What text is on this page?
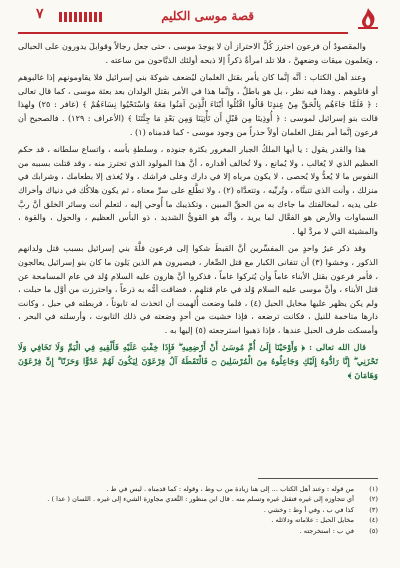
قصة موسى الكليم
٧

والمقصودُ أن فرعون احترز كُلَّ الاحتراز أن لا يوجدَ موسى ، حتى جعل رجالاً وقوابلَ يدورون على الحبالى ، ويَعلمون ميقات وضعهنَّ ، فلا تلد امرأةٌ ذكراً إلا ذبحه أولئك الذبَّاحون من ساعته .

وعند أهل الكتاب : أنَّه إنَّما كان يأمر بقتل الغلمان ليُضعف شوكةَ بني إسرائيل فلا يقاومونهم إذا غالبوهم أو قاتلوهم . وهذا فيه نظر ، بل هو باطلٌ ، وإنَّما هذا في الأمر بقتل الولدان بعد بعثة موسى ، كما قال تعالى : ﴿ فَلَمَّا جَاءَهُم بِالْحَقِّ مِنْ عِندِنَا قَالُوا اقْتُلُوا أَبْنَاءَ الَّذِينَ آمَنُوا مَعَهُ وَاسْتَحْيُوا نِسَاءَهُمْ ﴾ (غافر : ٢٥) ولهذا قالت بنو إسرائيل لموسى : ﴿ أُوذِينَا مِن قَبْلِ أَن تَأْتِيَنَا وَمِن بَعْدِ مَا جِئْتَنَا ﴾ (الأعراف : ١٢٩) . فالصحيح أن فرعون إنَّما أمر بقتل الغلمان أولاً حذراً من وجود موسى - كما قدمناه (١) .

هذا والقدر يقول : يا أيها الملكُ الجبار المغرور بكثرة جنوده ، وسلطةِ بأسه ، واتساع سلطانه ، قد حكم العظيم الذي لا يُغالب ، ولا يُمانع ، ولا تُخالف أقداره ، أنَّ هذا المولود الذي تحترز منه ، وقد قتلت بسببه من النفوس ما لا يُعدُّ ولا يُحصى ، لا يكون مرباه إلا في دارك وعلى فراشك ، ولا يُغذى إلا بطعامك ، وشرابك في منزلك ، وأنت الذي تتبنَّاه ، وتُربِّيه ، وتتعدَّاه (٢) ، ولا تطَّلع على سرِّ معناه ، ثم يكون هلاكُك في دنياك وأخراك على يديه ، لمخالفتك ما جاءك به من الحقِّ المبين ، وتكذيبك ما أُوحي إليه ، لتعلم أنت وسائر الخلق أنَّ ربَّ السماوات والأرض هو الفعَّال لما يريد ، وأنَّه هو القويُّ الشديد ، ذو البأس العظيم ، والحول ، والقوة ، والمشيئة التي لا مردَّ لها .

وقد ذكر غيرُ واحدٍ من المفسِّرين أنَّ القبطَ شكوا إلى فرعون قلَّةَ بني إسرائيل بسبب قتل ولدانهم الذكور ، وخشوا (٣) أن تتفانى الكبار مع قتل الصِّغار ، فيصيرون هم الذين يَلون ما كان بنو إسرائيل يعالجون ، فأمر فرعون بقتل الأبناء عاماً وأن يُتركوا عاماً ، فذكروا أنَّ هارون عليه السلام وُلد في عام المسامحة عن قتل الأبناء ، وأنَّ موسى عليه السلام وُلد في عام قتلهم ، فضاقت أمُّه به ذرعاً ، واحترزت من أوَّل ما حبلت ، ولم يكن يظهر عليها مخايل الحبل (٤) ، فلما وضعت أُلهمت أن اتخذت له تابوتاً ، فربطته في حبل ، وكانت دارها متاخمة للنيل ، فكانت ترضعه ، فإذا خشيت من أحدٍ وضعته في ذلك التابوت ، وأرسلته في البحر ، وأمسكت طرف الحبل عندها ، فإذا ذهبوا استرجعته (٥) إليها به .

قال الله تعالى : ﴿ وَأَوْحَيْنَا إِلَىٰ أُمِّ مُوسَىٰ أَنْ أَرْضِعِيهِ ۖ فَإِذَا خِفْتِ عَلَيْهِ فَأَلْقِيهِ فِي الْيَمِّ وَلَا تَخَافِي وَلَا تَحْزَنِي ۖ إِنَّا رَادُّوهُ إِلَيْكِ وَجَاعِلُوهُ مِنَ الْمُرْسَلِينَ ۝ فَالْتَقَطَهُ آلُ فِرْعَوْنَ لِيَكُونَ لَهُمْ عَدُوًّا وَحَزَنًا ۗ إِنَّ فِرْعَوْنَ وَهَامَانَ ﴾

(١)
من قوله : وعند أهل الكتاب ... إلى هنا زيادة من ب وط ، وقوله : كما قدمناه . ليس في ط .
(٢)
أي تتجاوزه إلى غيره فتقتل غيره وتسلم منه . قال ابن منظور : التَّعدي مجاوزة الشيء إلى غيره . اللسان ( عدا ) .
(٣)
كذا في ب ، وفي أ وط : وخشي .
(٤)
مخايل الحبل : علاماته ودلائله .
(٥)
في ب : استخرجته .
